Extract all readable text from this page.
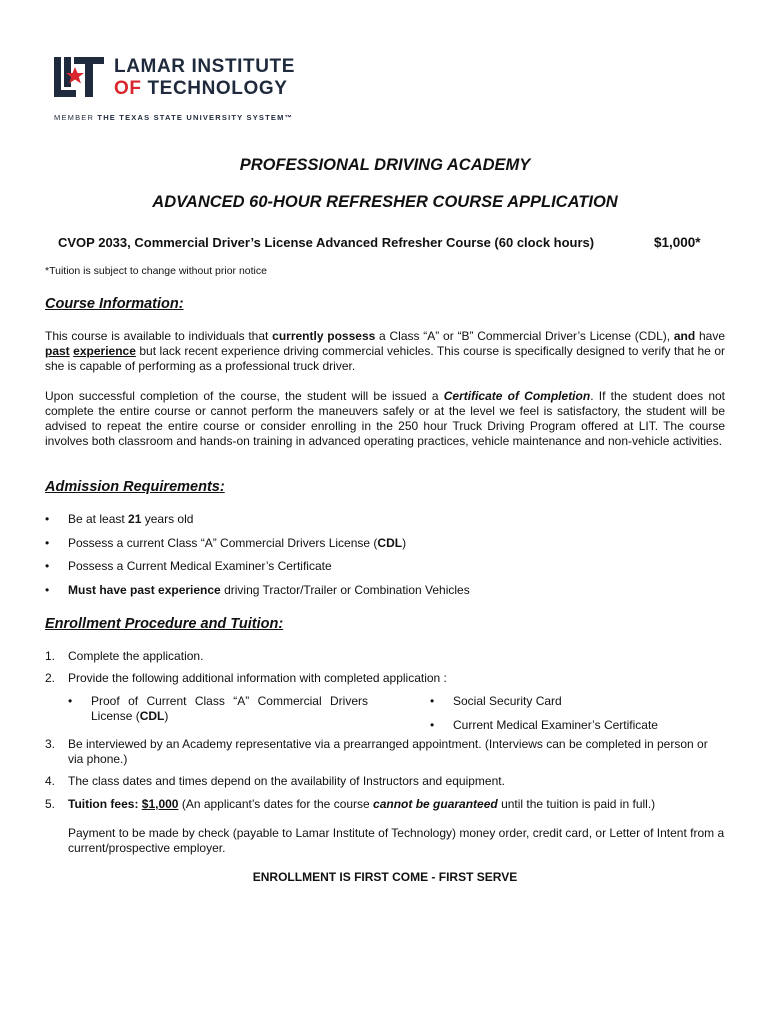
LAMAR INSTITUTE
OF TECHNOLOGY
MEMBER THE TEXAS STATE UNIVERSITY SYSTEM™
PROFESSIONAL DRIVING ACADEMY
ADVANCED 60-HOUR REFRESHER COURSE APPLICATION
CVOP 2033, Commercial Driver’s License Advanced Refresher Course (60 clock hours)	$1,000*
*Tuition is subject to change without prior notice
Course Information:
This course is available to individuals that currently possess a Class “A” or “B” Commercial Driver’s License (CDL), and have past experience but lack recent experience driving commercial vehicles. This course is specifically designed to verify that he or she is capable of performing as a professional truck driver.
Upon successful completion of the course, the student will be issued a Certificate of Completion. If the student does not complete the entire course or cannot perform the maneuvers safely or at the level we feel is satisfactory, the student will be advised to repeat the entire course or consider enrolling in the 250 hour Truck Driving Program offered at LIT. The course involves both classroom and hands-on training in advanced operating practices, vehicle maintenance and non-vehicle activities.
Admission Requirements:
• Be at least 21 years old
• Possess a current Class “A” Commercial Drivers License (CDL)
• Possess a Current Medical Examiner’s Certificate
• Must have past experience driving Tractor/Trailer or Combination Vehicles
Enrollment Procedure and Tuition:
1. Complete the application.
2. Provide the following additional information with completed application :
• Proof of Current Class “A” Commercial Drivers License (CDL)
• Social Security Card
• Current Medical Examiner’s Certificate
3. Be interviewed by an Academy representative via a prearranged appointment. (Interviews can be completed in person or via phone.)
4. The class dates and times depend on the availability of Instructors and equipment.
5. Tuition fees: $1,000 (An applicant’s dates for the course cannot be guaranteed until the tuition is paid in full.)
Payment to be made by check (payable to Lamar Institute of Technology) money order, credit card, or Letter of Intent from a current/prospective employer.
ENROLLMENT IS FIRST COME - FIRST SERVE
